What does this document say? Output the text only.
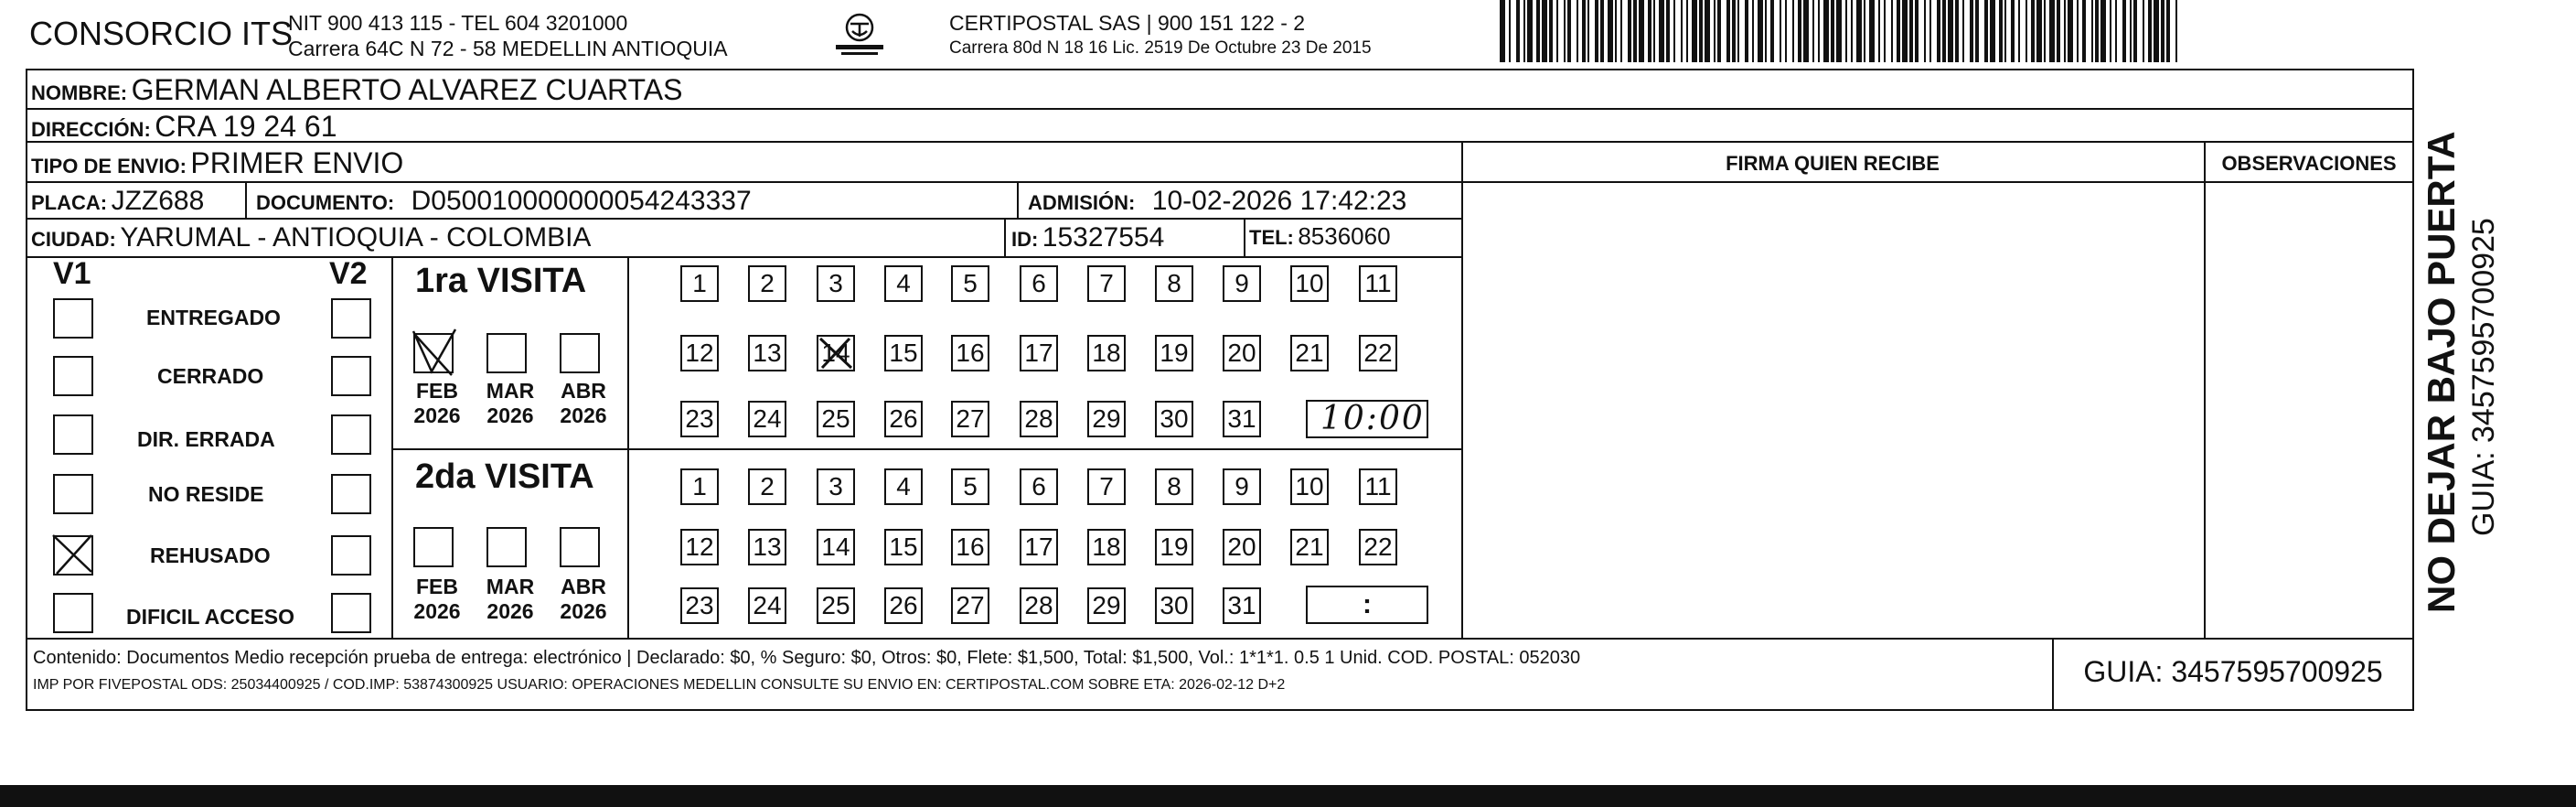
CONSORCIO ITS
NIT 900 413 115 - TEL 604 3201000
Carrera 64C N 72 - 58 MEDELLIN ANTIOQUIA
CERTIPOSTAL SAS | 900 151 122 - 2
Carrera 80d N 18 16 Lic. 2519 De Octubre 23 De 2015
NOMBRE: GERMAN ALBERTO ALVAREZ CUARTAS
DIRECCIÓN: CRA 19 24 61
TIPO DE ENVIO: PRIMER ENVIO	FIRMA QUIEN RECIBE	OBSERVACIONES
PLACA: JZZ688	DOCUMENTO: D050010000000054243337	ADMISIÓN: 10-02-2026 17:42:23
CIUDAD: YARUMAL - ANTIOQUIA - COLOMBIA	ID: 15327554	TEL: 8536060
V1	V2
ENTREGADO
CERRADO
DIR. ERRADA
NO RESIDE
REHUSADO
DIFICIL ACCESO
1ra VISITA
2da VISITA
FEB
2026
MAR
2026
ABR
2026
FEB
2026
MAR
2026
ABR
2026
1	2	3	4	5	6	7	8	9	10 11
12 13 14 15 16 17 18 19 20 21 22
23 24 25 26 27 28 29 30 31
1	2	3	4	5	6	7	8	9	10 11
12 13 14 15 16 17 18 19 20 21 22
23 24 25 26 27 28 29 30 31
10:00
:
Contenido: Documentos Medio recepción prueba de entrega: electrónico | Declarado: $0, % Seguro: $0, Otros: $0, Flete: $1,500, Total: $1,500, Vol.: 1*1*1. 0.5 1 Unid. COD. POSTAL: 052030
IMP POR FIVEPOSTAL ODS: 25034400925 / COD.IMP: 53874300925 USUARIO: OPERACIONES MEDELLIN CONSULTE SU ENVIO EN: CERTIPOSTAL.COM SOBRE ETA: 2026-02-12 D+2	GUIA: 3457595700925
NO DEJAR BAJO PUERTA GUIA: 3457595700925
